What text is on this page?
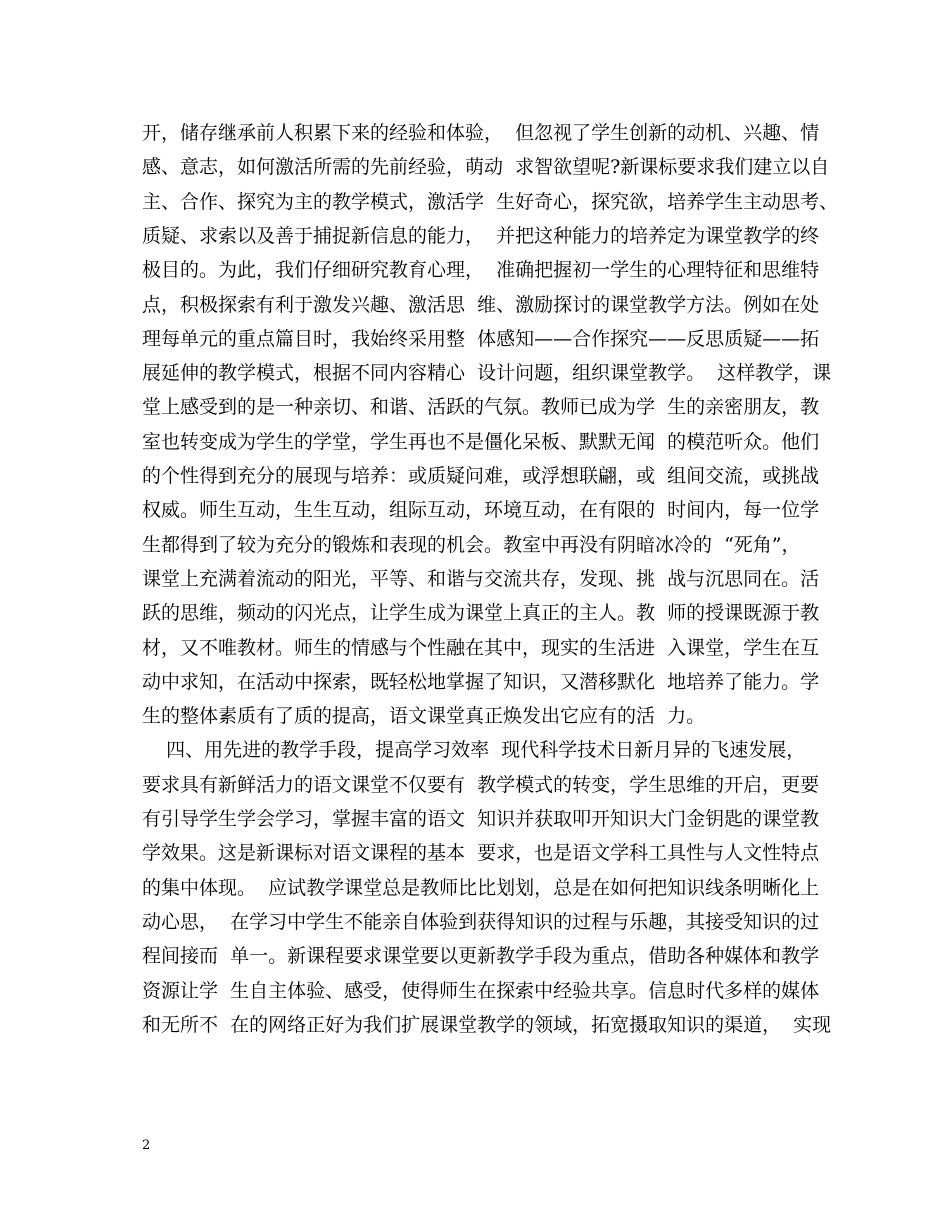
开，储存继承前人积累下来的经验和体验，  但忽视了学生创新的动机、兴趣、情
感、意志，如何激活所需的先前经验，萌动  求智欲望呢?新课标要求我们建立以自
主、合作、探究为主的教学模式，激活学  生好奇心，探究欲，培养学生主动思考、
质疑、求索以及善于捕捉新信息的能力，  并把这种能力的培养定为课堂教学的终
极目的。为此，我们仔细研究教育心理，  准确把握初一学生的心理特征和思维特
点，积极探索有利于激发兴趣、激活思  维、激励探讨的课堂教学方法。例如在处
理每单元的重点篇目时，我始终采用整  体感知——合作探究——反思质疑——拓
展延伸的教学模式，根据不同内容精心  设计问题，组织课堂教学。  这样教学，课
堂上感受到的是一种亲切、和谐、活跃的气氛。教师已成为学  生的亲密朋友，教
室也转变成为学生的学堂，学生再也不是僵化呆板、默默无闻  的模范听众。他们
的个性得到充分的展现与培养：或质疑问难，或浮想联翩，或  组间交流，或挑战
权威。师生互动，生生互动，组际互动，环境互动，在有限的  时间内，每一位学
生都得到了较为充分的锻炼和表现的机会。教室中再没有阴暗冰冷的  “死角”，
课堂上充满着流动的阳光，平等、和谐与交流共存，发现、挑  战与沉思同在。活
跃的思维，频动的闪光点，让学生成为课堂上真正的主人。教  师的授课既源于教
材，又不唯教材。师生的情感与个性融在其中，现实的生活进  入课堂，学生在互
动中求知，在活动中探索，既轻松地掌握了知识，又潜移默化  地培养了能力。学
生的整体素质有了质的提高，语文课堂真正焕发出它应有的活  力。
四、用先进的教学手段，提高学习效率  现代科学技术日新月异的飞速发展，
要求具有新鲜活力的语文课堂不仅要有  教学模式的转变，学生思维的开启，更要
有引导学生学会学习，掌握丰富的语文  知识并获取叩开知识大门金钥匙的课堂教
学效果。这是新课标对语文课程的基本  要求，也是语文学科工具性与人文性特点
的集中体现。  应试教学课堂总是教师比比划划，总是在如何把知识线条明晰化上
动心思，  在学习中学生不能亲自体验到获得知识的过程与乐趣，其接受知识的过
程间接而  单一。新课程要求课堂要以更新教学手段为重点，借助各种媒体和教学
资源让学  生自主体验、感受，使得师生在探索中经验共享。信息时代多样的媒体
和无所不  在的网络正好为我们扩展课堂教学的领域，拓宽摄取知识的渠道，  实现
2
